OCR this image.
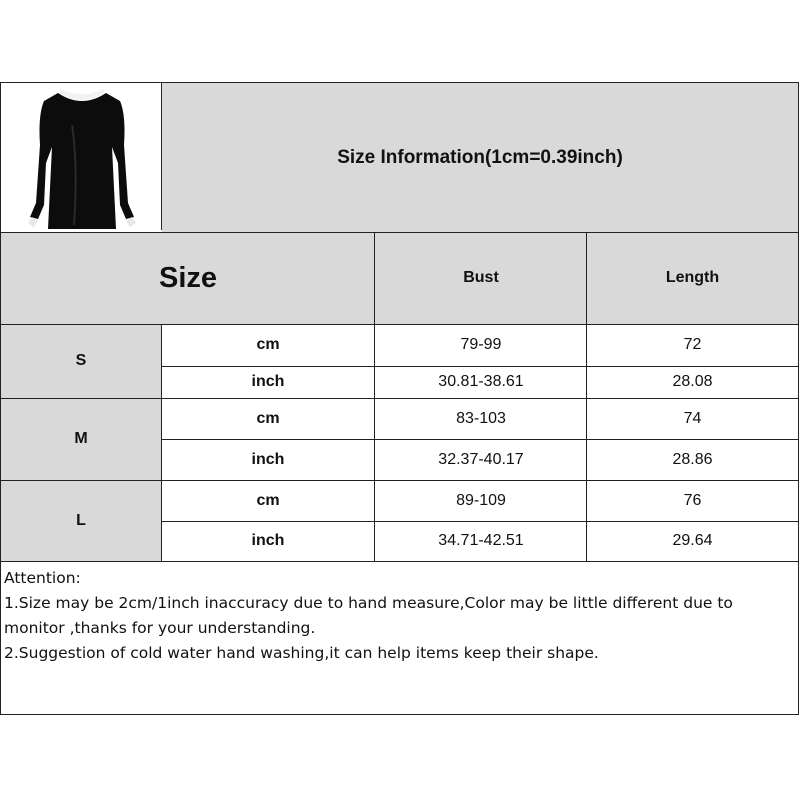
Size Information(1cm=0.39inch)
Size	Bust	Length
S
cm	79-99	72
inch	30.81-38.61	28.08
M
cm	83-103	74
inch	32.37-40.17	28.86
L
cm	89-109	76
inch	34.71-42.51	29.64
Attention:
1.Size may be 2cm/1inch inaccuracy due to hand measure,Color may be little different due to monitor ,thanks for your understanding.
2.Suggestion of cold water hand washing,it can help items keep their shape.
